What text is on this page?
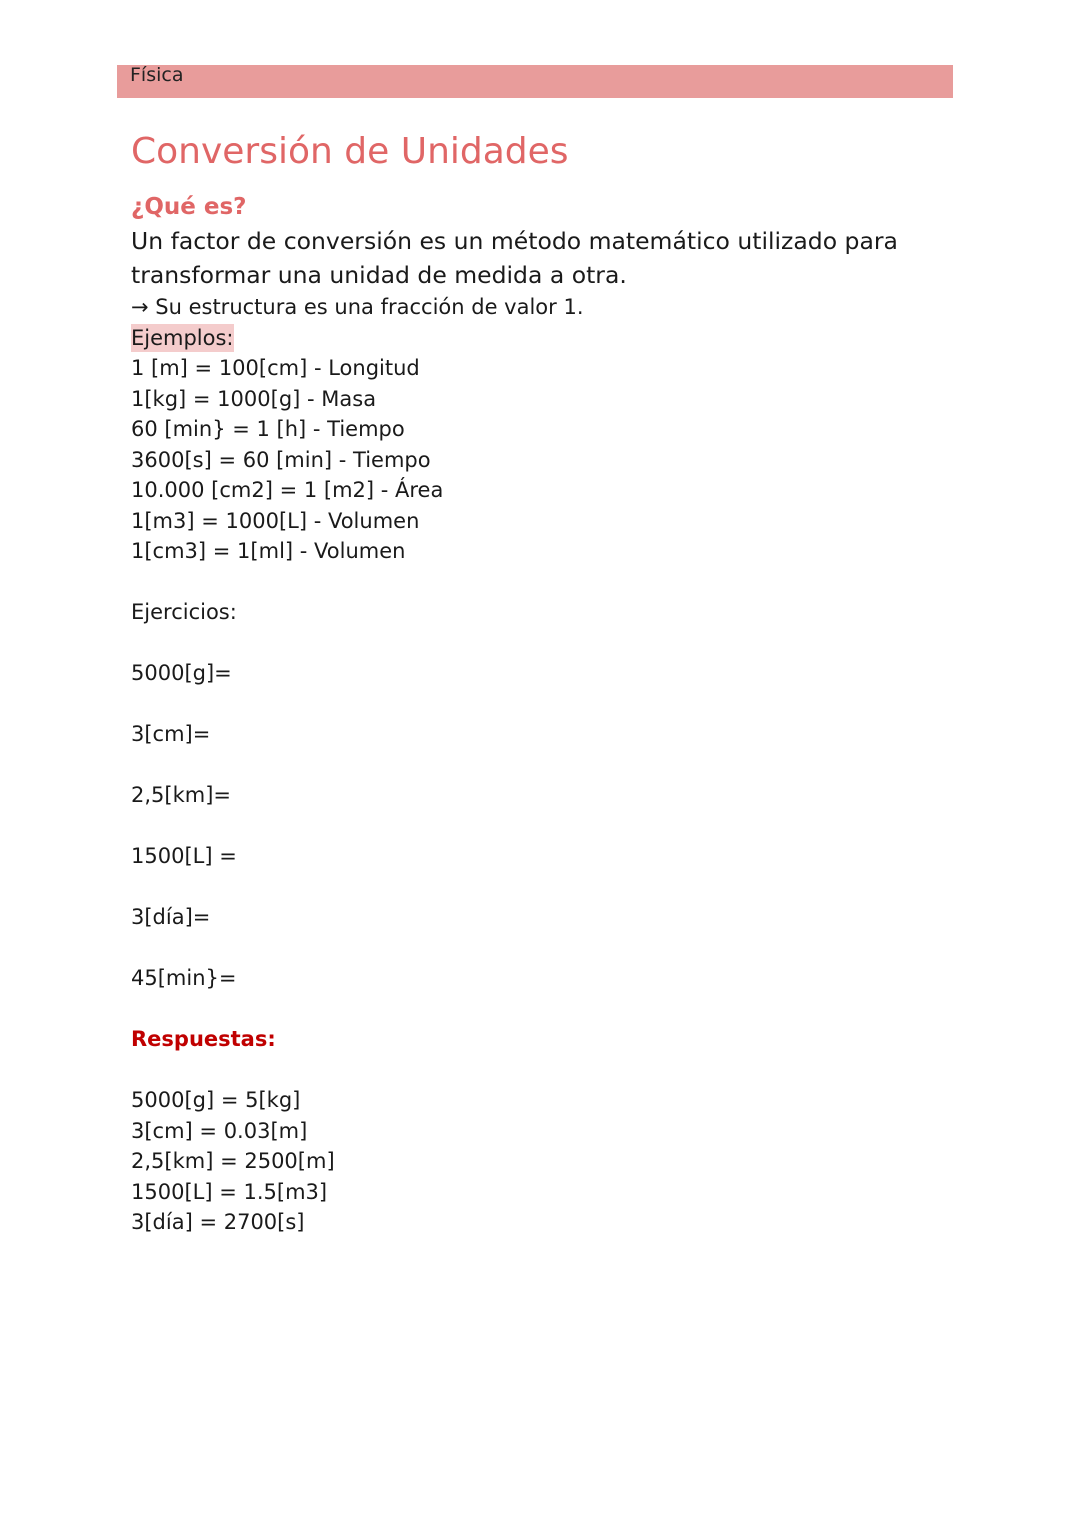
Física
Conversión de Unidades
¿Qué es?
Un factor de conversión es un método matemático utilizado para transformar una unidad de medida a otra.
→ Su estructura es una fracción de valor 1.
Ejemplos:
1 [m] = 100[cm] - Longitud
1[kg] = 1000[g] - Masa
60 [min} = 1 [h] - Tiempo
3600[s] = 60 [min] - Tiempo
10.000 [cm2] = 1 [m2] - Área
1[m3] = 1000[L] - Volumen
1[cm3] = 1[ml] - Volumen
Ejercicios:
5000[g]=
3[cm]=
2,5[km]=
1500[L] =
3[día]=
45[min}=
Respuestas:
5000[g] = 5[kg]
3[cm] = 0.03[m]
2,5[km] = 2500[m]
1500[L] = 1.5[m3]
3[día] = 2700[s]
